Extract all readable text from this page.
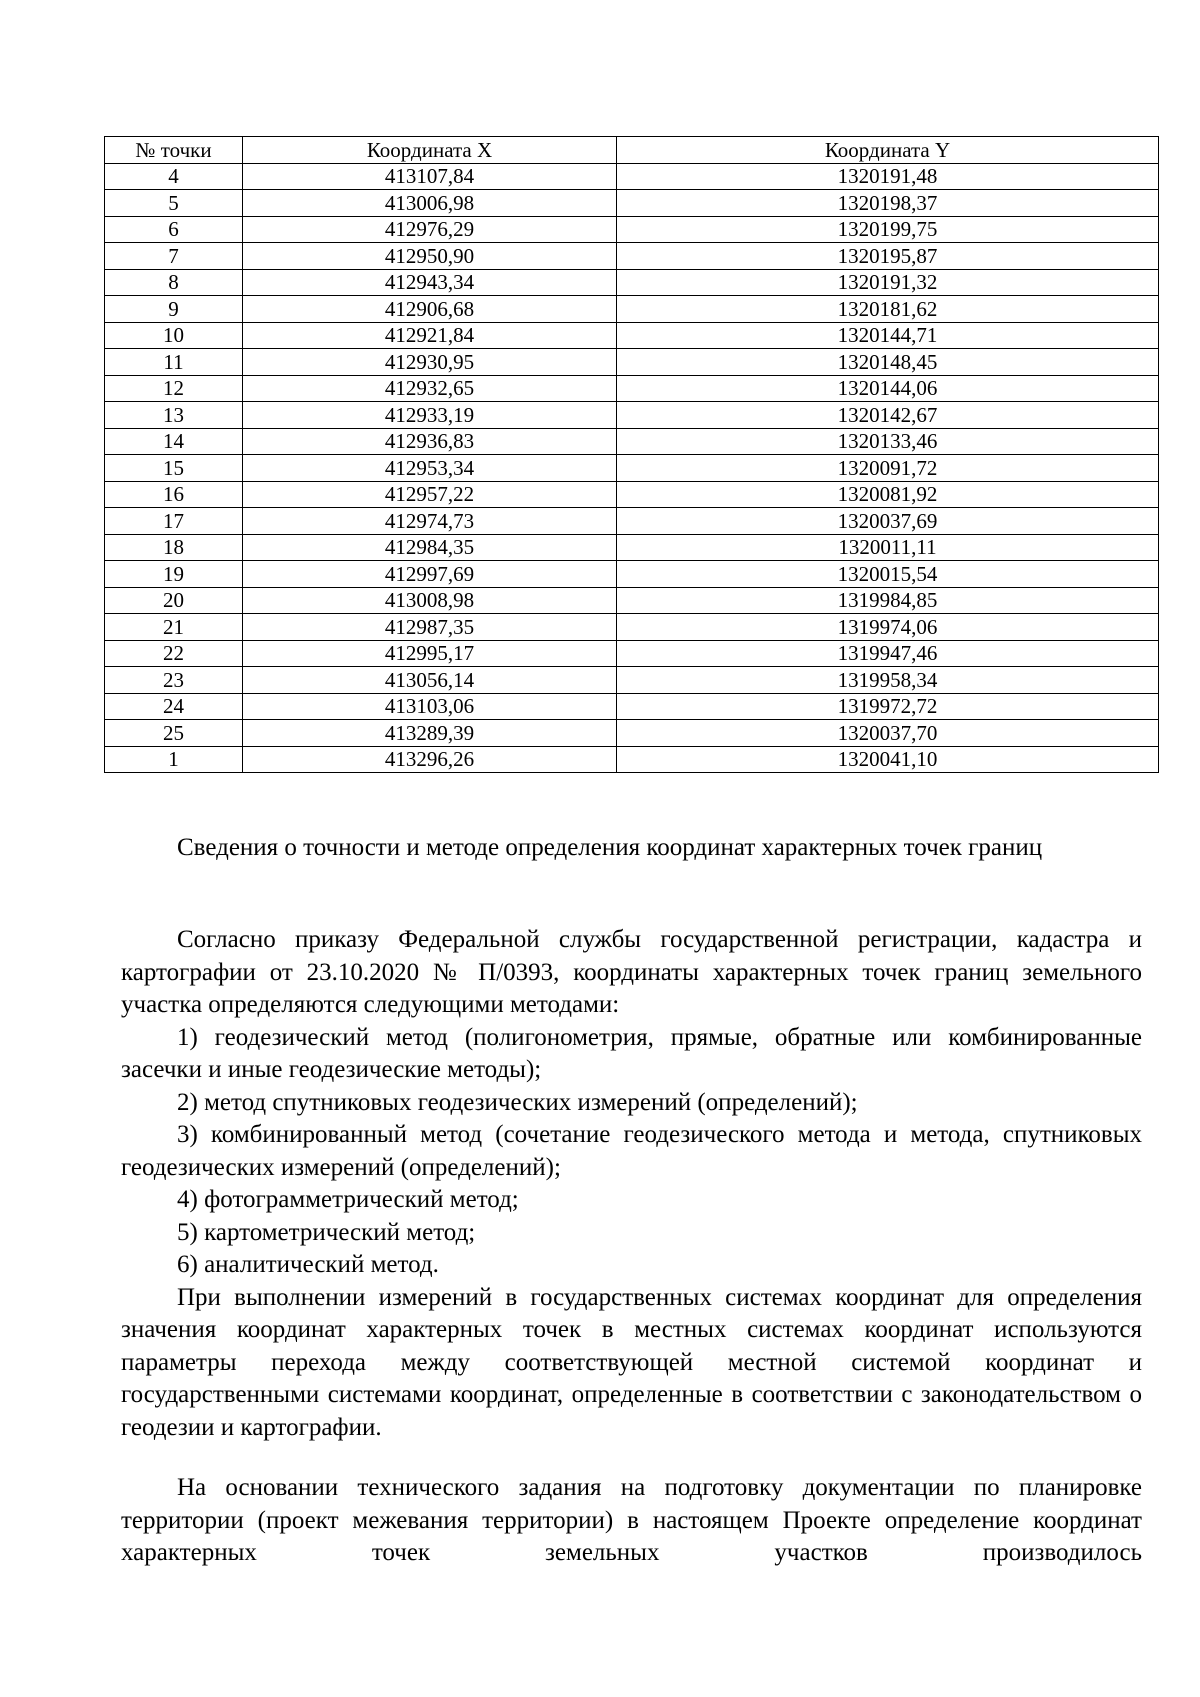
№ точки	Координата X	Координата Y
4	413107,84	1320191,48
5	413006,98	1320198,37
6	412976,29	1320199,75
7	412950,90	1320195,87
8	412943,34	1320191,32
9	412906,68	1320181,62
10	412921,84	1320144,71
11	412930,95	1320148,45
12	412932,65	1320144,06
13	412933,19	1320142,67
14	412936,83	1320133,46
15	412953,34	1320091,72
16	412957,22	1320081,92
17	412974,73	1320037,69
18	412984,35	1320011,11
19	412997,69	1320015,54
20	413008,98	1319984,85
21	412987,35	1319974,06
22	412995,17	1319947,46
23	413056,14	1319958,34
24	413103,06	1319972,72
25	413289,39	1320037,70
1	413296,26	1320041,10

Сведения о точности и методе определения координат характерных точек границ

Согласно приказу Федеральной службы государственной регистрации, кадастра и картографии от 23.10.2020 № П/0393, координаты характерных точек границ земельного участка определяются следующими методами:

1) геодезический метод (полигонометрия, прямые, обратные или комбинированные засечки и иные геодезические методы);

2) метод спутниковых геодезических измерений (определений);

3) комбинированный метод (сочетание геодезического метода и метода, спутниковых геодезических измерений (определений);

4) фотограмметрический метод;

5) картометрический метод;

6) аналитический метод.

При выполнении измерений в государственных системах координат для определения значения координат характерных точек в местных системах координат используются параметры перехода между соответствующей местной системой координат и государственными системами координат, определенные в соответствии с законодательством о геодезии и картографии.

На основании технического задания на подготовку документации по планировке территории (проект межевания территории) в настоящем Проекте определение координат характерных точек земельных участков производилось
